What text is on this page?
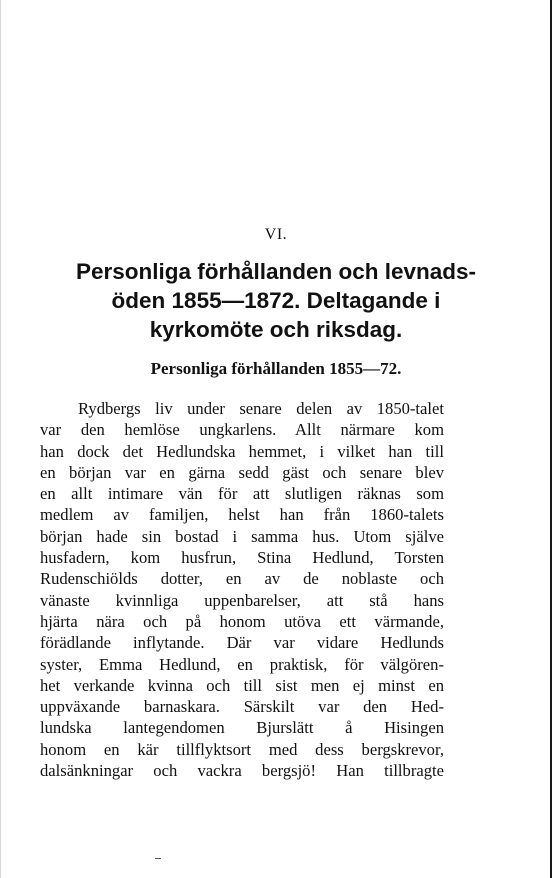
VI.
Personliga förhållanden och levnads-
öden 1855—1872. Deltagande i
kyrkomöte och riksdag.
Personliga förhållanden 1855—72.
Rydbergs liv under senare delen av 1850-talet
var den hemlöse ungkarlens. Allt närmare kom
han dock det Hedlundska hemmet, i vilket han till
en början var en gärna sedd gäst och senare blev
en allt intimare vän för att slutligen räknas som
medlem av familjen, helst han från 1860-talets
början hade sin bostad i samma hus. Utom själve
husfadern, kom husfrun, Stina Hedlund, Torsten
Rudenschiölds dotter, en av de noblaste och
vänaste kvinnliga uppenbarelser, att stå hans
hjärta nära och på honom utöva ett värmande,
förädlande inflytande. Där var vidare Hedlunds
syster, Emma Hedlund, en praktisk, för välgören-
het verkande kvinna och till sist men ej minst en
uppväxande barnaskara. Särskilt var den Hed-
lundska lantegendomen Bjurslätt å Hisingen
honom en kär tillflyktsort med dess bergskrevor,
dalsänkningar och vackra bergsjö! Han tillbragte
